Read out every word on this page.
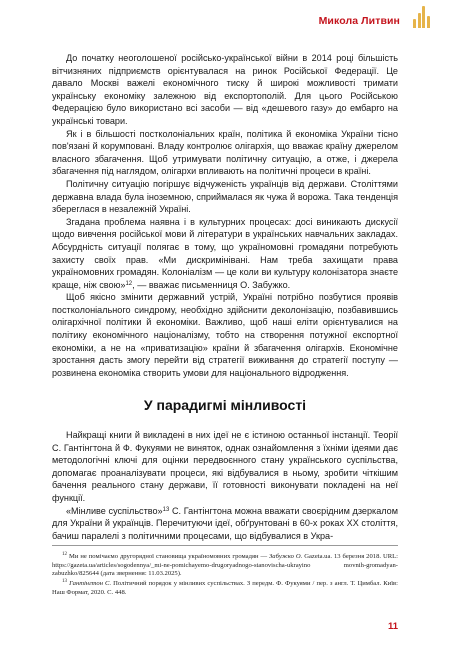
Микола Литвин

До початку неоголошеної російсько-української війни в 2014 році більшість вітчизняних підприємств орієнтувалася на ринок Російської Федерації. Це давало Москві важелі економічного тиску й широкі можливості тримати українську економіку залежною від експортополій. Для цього Російською Федерацією було використано всі засоби — від «дешевого газу» до ембарго на українські товари.

Як і в більшості постколоніальних країн, політика й економіка України тісно пов'язані й корумповані. Владу контролює олігархія, що вважає країну джерелом власного збагачення. Щоб утримувати політичну ситуацію, а отже, і джерела збагачення під наглядом, олігархи впливають на політичні процеси в країні.

Політичну ситуацію погіршує відчуженість українців від держави. Століттями державна влада була іноземною, сприймалася як чужа й ворожа. Така тенденція збереглася в незалежній Україні.

Згадана проблема наявна і в культурних процесах: досі виникають дискусії щодо вивчення російської мови й літератури в українських навчальних закладах. Абсурдність ситуації полягає в тому, що україномовні громадяни потребують захисту своїх прав. «Ми дискримінівані. Нам треба захищати права україномовних громадян. Колоніалізм — це коли ви культуру колонізатора знаєте краще, ніж свою»$^{12}$, — вважає письменниця О. Забужко.

Щоб якісно змінити державний устрій, Україні потрібно позбутися проявів постколоніального синдрому, необхідно здійснити деколонізацію, позбавившись олігархічної політики й економіки. Важливо, щоб наші еліти орієнтувалися на політику економічного націоналізму, тобто на створення потужної експортної економіки, а не на «приватизацію» країни й збагачення олігархів. Економічне зростання дасть змогу перейти від стратегії виживання до стратегії поступу — розвинена економіка створить умови для національного відродження.

У парадигмі мінливості

Найкращі книги й викладені в них ідеї не є істиною останньої інстанції. Теорії С. Гантінгтона й Ф. Фукуями не виняток, однак ознайомлення з їхніми ідеями дає методологічні ключі для оцінки передвоєнного стану українського суспільства, допомагає проаналізувати процеси, які відбувалися в ньому, зробити чіткішим бачення реального стану держави, її готовності виконувати покладені на неї функції.

«Мінливе суспільство»$^{13}$ С. Гантінгтона можна вважати своєрідним дзеркалом для України й українців. Перечитуючи ідеї, обґрунтовані в 60-х роках XX століття, бачиш паралелі з політичними процесами, що відбувалися в Укра-

$^{12}$ Ми не помічаємо другорядної становища україномовних громадян — Забужко О. Gazeta.ua. 13 березня 2018. URL: https://gazeta.ua/articles/sogodennya/_mi-ne-pomichayemo-drugoryadnogo-stanovischa-ukrayino movnih-gromadyan-zabuzhko/825644 (дата звернення: 11.03.2025).

$^{13}$ Гантінгтон С. Політичний порядок у мінливих суспільствах. З передм. Ф. Фукуями / пер. з англ. Т. Цимбал. Київ: Наш Формат, 2020. С. 448.

11
